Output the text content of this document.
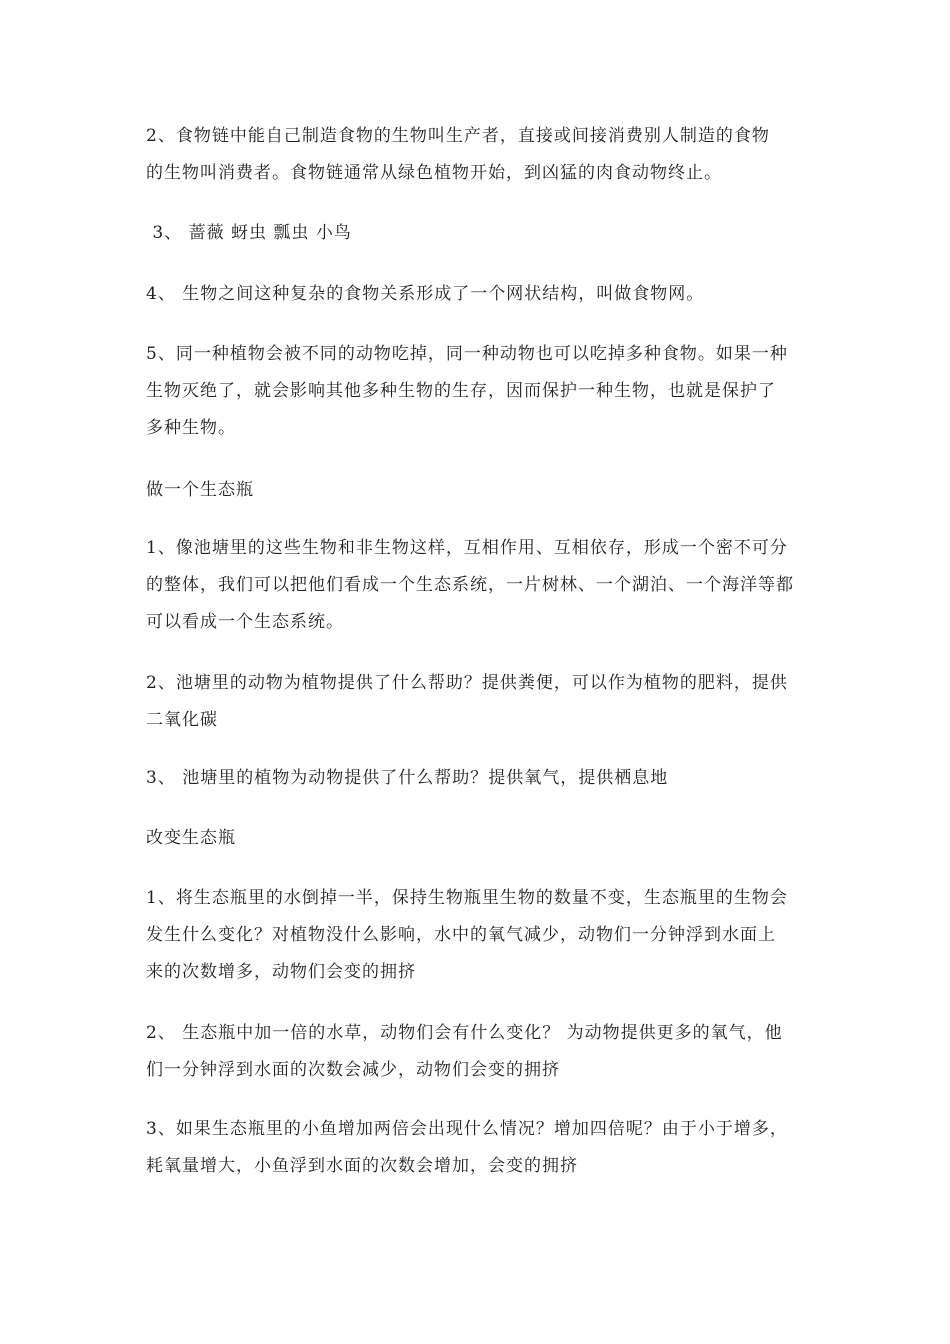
2、食物链中能自己制造食物的生物叫生产者，直接或间接消费别人制造的食物
的生物叫消费者。食物链通常从绿色植物开始，到凶猛的肉食动物终止。

3、 蔷薇 蚜虫 瓢虫 小鸟

4、 生物之间这种复杂的食物关系形成了一个网状结构，叫做食物网。

5、同一种植物会被不同的动物吃掉，同一种动物也可以吃掉多种食物。如果一种
生物灭绝了，就会影响其他多种生物的生存，因而保护一种生物，也就是保护了
多种生物。

做一个生态瓶

1、像池塘里的这些生物和非生物这样，互相作用、互相依存，形成一个密不可分
的整体，我们可以把他们看成一个生态系统，一片树林、一个湖泊、一个海洋等都
可以看成一个生态系统。

2、池塘里的动物为植物提供了什么帮助？提供粪便，可以作为植物的肥料，提供
二氧化碳

3、 池塘里的植物为动物提供了什么帮助？提供氧气，提供栖息地

改变生态瓶

1、将生态瓶里的水倒掉一半，保持生物瓶里生物的数量不变，生态瓶里的生物会
发生什么变化？对植物没什么影响，水中的氧气减少，动物们一分钟浮到水面上
来的次数增多，动物们会变的拥挤

2、 生态瓶中加一倍的水草，动物们会有什么变化？ 为动物提供更多的氧气，他
们一分钟浮到水面的次数会减少，动物们会变的拥挤

3、如果生态瓶里的小鱼增加两倍会出现什么情况？增加四倍呢？由于小于增多，
耗氧量增大，小鱼浮到水面的次数会增加，会变的拥挤
